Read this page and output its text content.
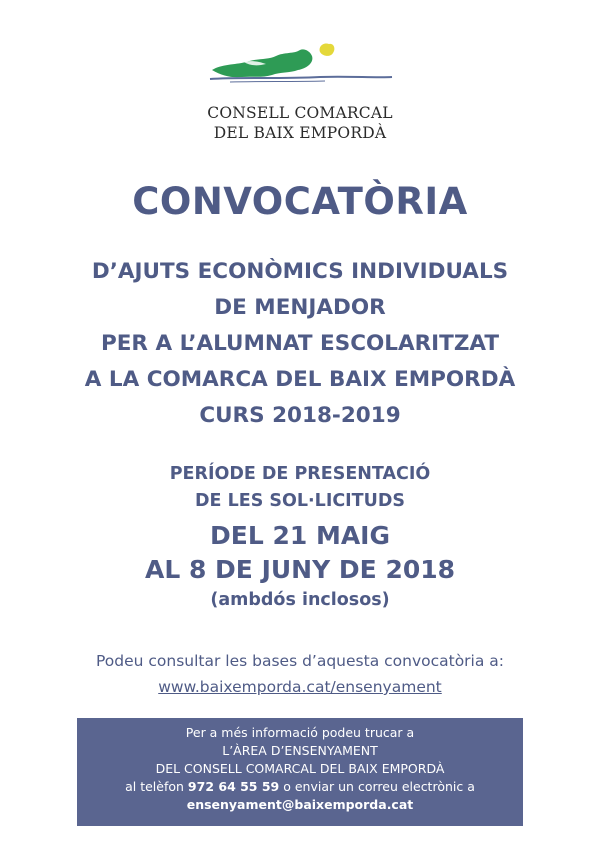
CONSELL COMARCAL
DEL BAIX EMPORDÀ
CONVOCATÒRIA
D’AJUTS ECONÒMICS INDIVIDUALS
DE MENJADOR
PER A L’ALUMNAT ESCOLARITZAT
A LA COMARCA DEL BAIX EMPORDÀ
CURS 2018-2019
PERÍODE DE PRESENTACIÓ
DE LES SOL·LICITUDS
DEL 21 MAIG
AL 8 DE JUNY DE 2018
(ambdós inclosos)
Podeu consultar les bases d’aquesta convocatòria a:
www.baixemporda.cat/ensenyament
Per a més informació podeu trucar a
L’ÀREA D’ENSENYAMENT
DEL CONSELL COMARCAL DEL BAIX EMPORDÀ
al telèfon 972 64 55 59 o enviar un correu electrònic a
ensenyament@baixemporda.cat
